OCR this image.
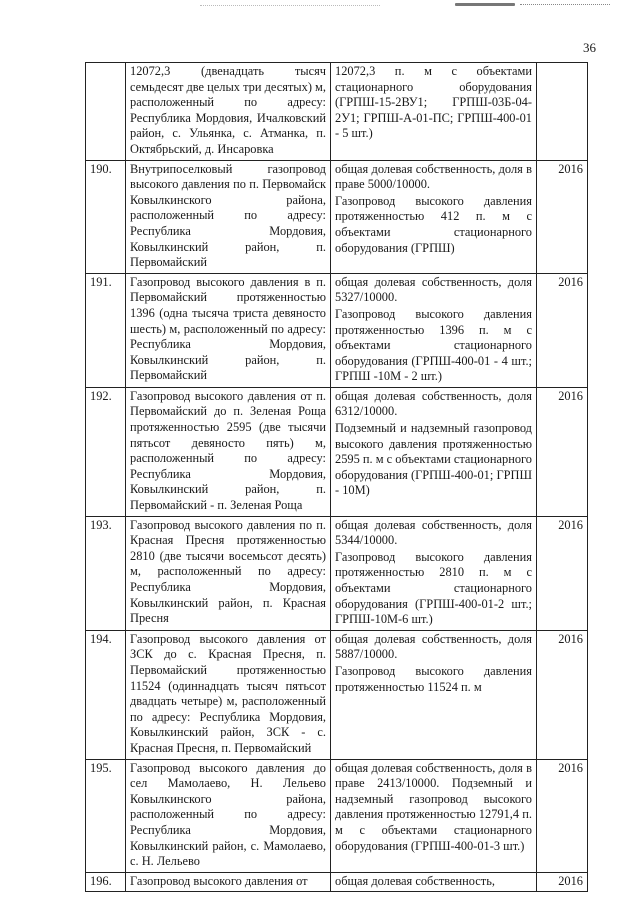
36
	12072,3 (двенадцать тысяч семьдесят две целых три десятых) м, расположенный по адресу: Республика Мордовия, Ичалковский район, с. Ульянка, с. Атманка, п. Октябрьский, д. Инсаровка	12072,3 п. м с объектами стационарного оборудования (ГРПШ-15-2ВУ1; ГРПШ-03Б-04-2У1; ГРПШ-А-01-ПС; ГРПШ-400-01 - 5 шт.)	

190.	Внутрипоселковый газопровод высокого давления по п. Первомайск Ковылкинского района, расположенный по адресу: Республика Мордовия, Ковылкинский район, п. Первомайский	общая долевая собственность, доля в праве 5000/10000.

Газопровод высокого давления протяженностью 412 п. м с объектами стационарного оборудования (ГРПШ)	2016
191.	Газопровод высокого давления в п. Первомайский протяженностью 1396 (одна тысяча триста девяносто шесть) м, расположенный по адресу: Республика Мордовия, Ковылкинский район, п. Первомайский	общая долевая собственность, доля 5327/10000.

Газопровод высокого давления протяженностью 1396 п. м с объектами стационарного оборудования (ГРПШ-400-01 - 4 шт.; ГРПШ -10М - 2 шт.)	2016
192.	Газопровод высокого давления от п. Первомайский до п. Зеленая Роща протяженностью 2595 (две тысячи пятьсот девяносто пять) м, расположенный по адресу: Республика Мордовия, Ковылкинский район, п. Первомайский - п. Зеленая Роща	общая долевая собственность, доля 6312/10000.

Подземный и надземный газопровод высокого давления протяженностью 2595 п. м с объектами стационарного оборудования (ГРПШ-400-01; ГРПШ - 10М)	2016
193.	Газопровод высокого давления по п. Красная Пресня протяженностью 2810 (две тысячи восемьсот десять) м, расположенный по адресу: Республика Мордовия, Ковылкинский район, п. Красная Пресня	общая долевая собственность, доля 5344/10000.

Газопровод высокого давления протяженностью 2810 п. м с объектами стационарного оборудования (ГРПШ-400-01-2 шт.; ГРПШ-10М-6 шт.)	2016
194.	Газопровод высокого давления от ЗСК до с. Красная Пресня, п. Первомайский протяженностью 11524 (одиннадцать тысяч пятьсот двадцать четыре) м, расположенный по адресу: Республика Мордовия, Ковылкинский район, ЗСК - с. Красная Пресня, п. Первомайский	общая долевая собственность, доля 5887/10000.

Газопровод высокого давления протяженностью 11524 п. м	2016
195.	Газопровод высокого давления до сел Мамолаево, Н. Лельево Ковылкинского района, расположенный по адресу: Республика Мордовия, Ковылкинский район, с. Мамолаево, с. Н. Лельево	общая долевая собственность, доля в праве 2413/10000. Подземный и надземный газопровод высокого давления протяженностью 12791,4 п. м с объектами стационарного оборудования (ГРПШ-400-01-3 шт.)	2016
196.	Газопровод высокого давления от	общая долевая собственность,	2016
